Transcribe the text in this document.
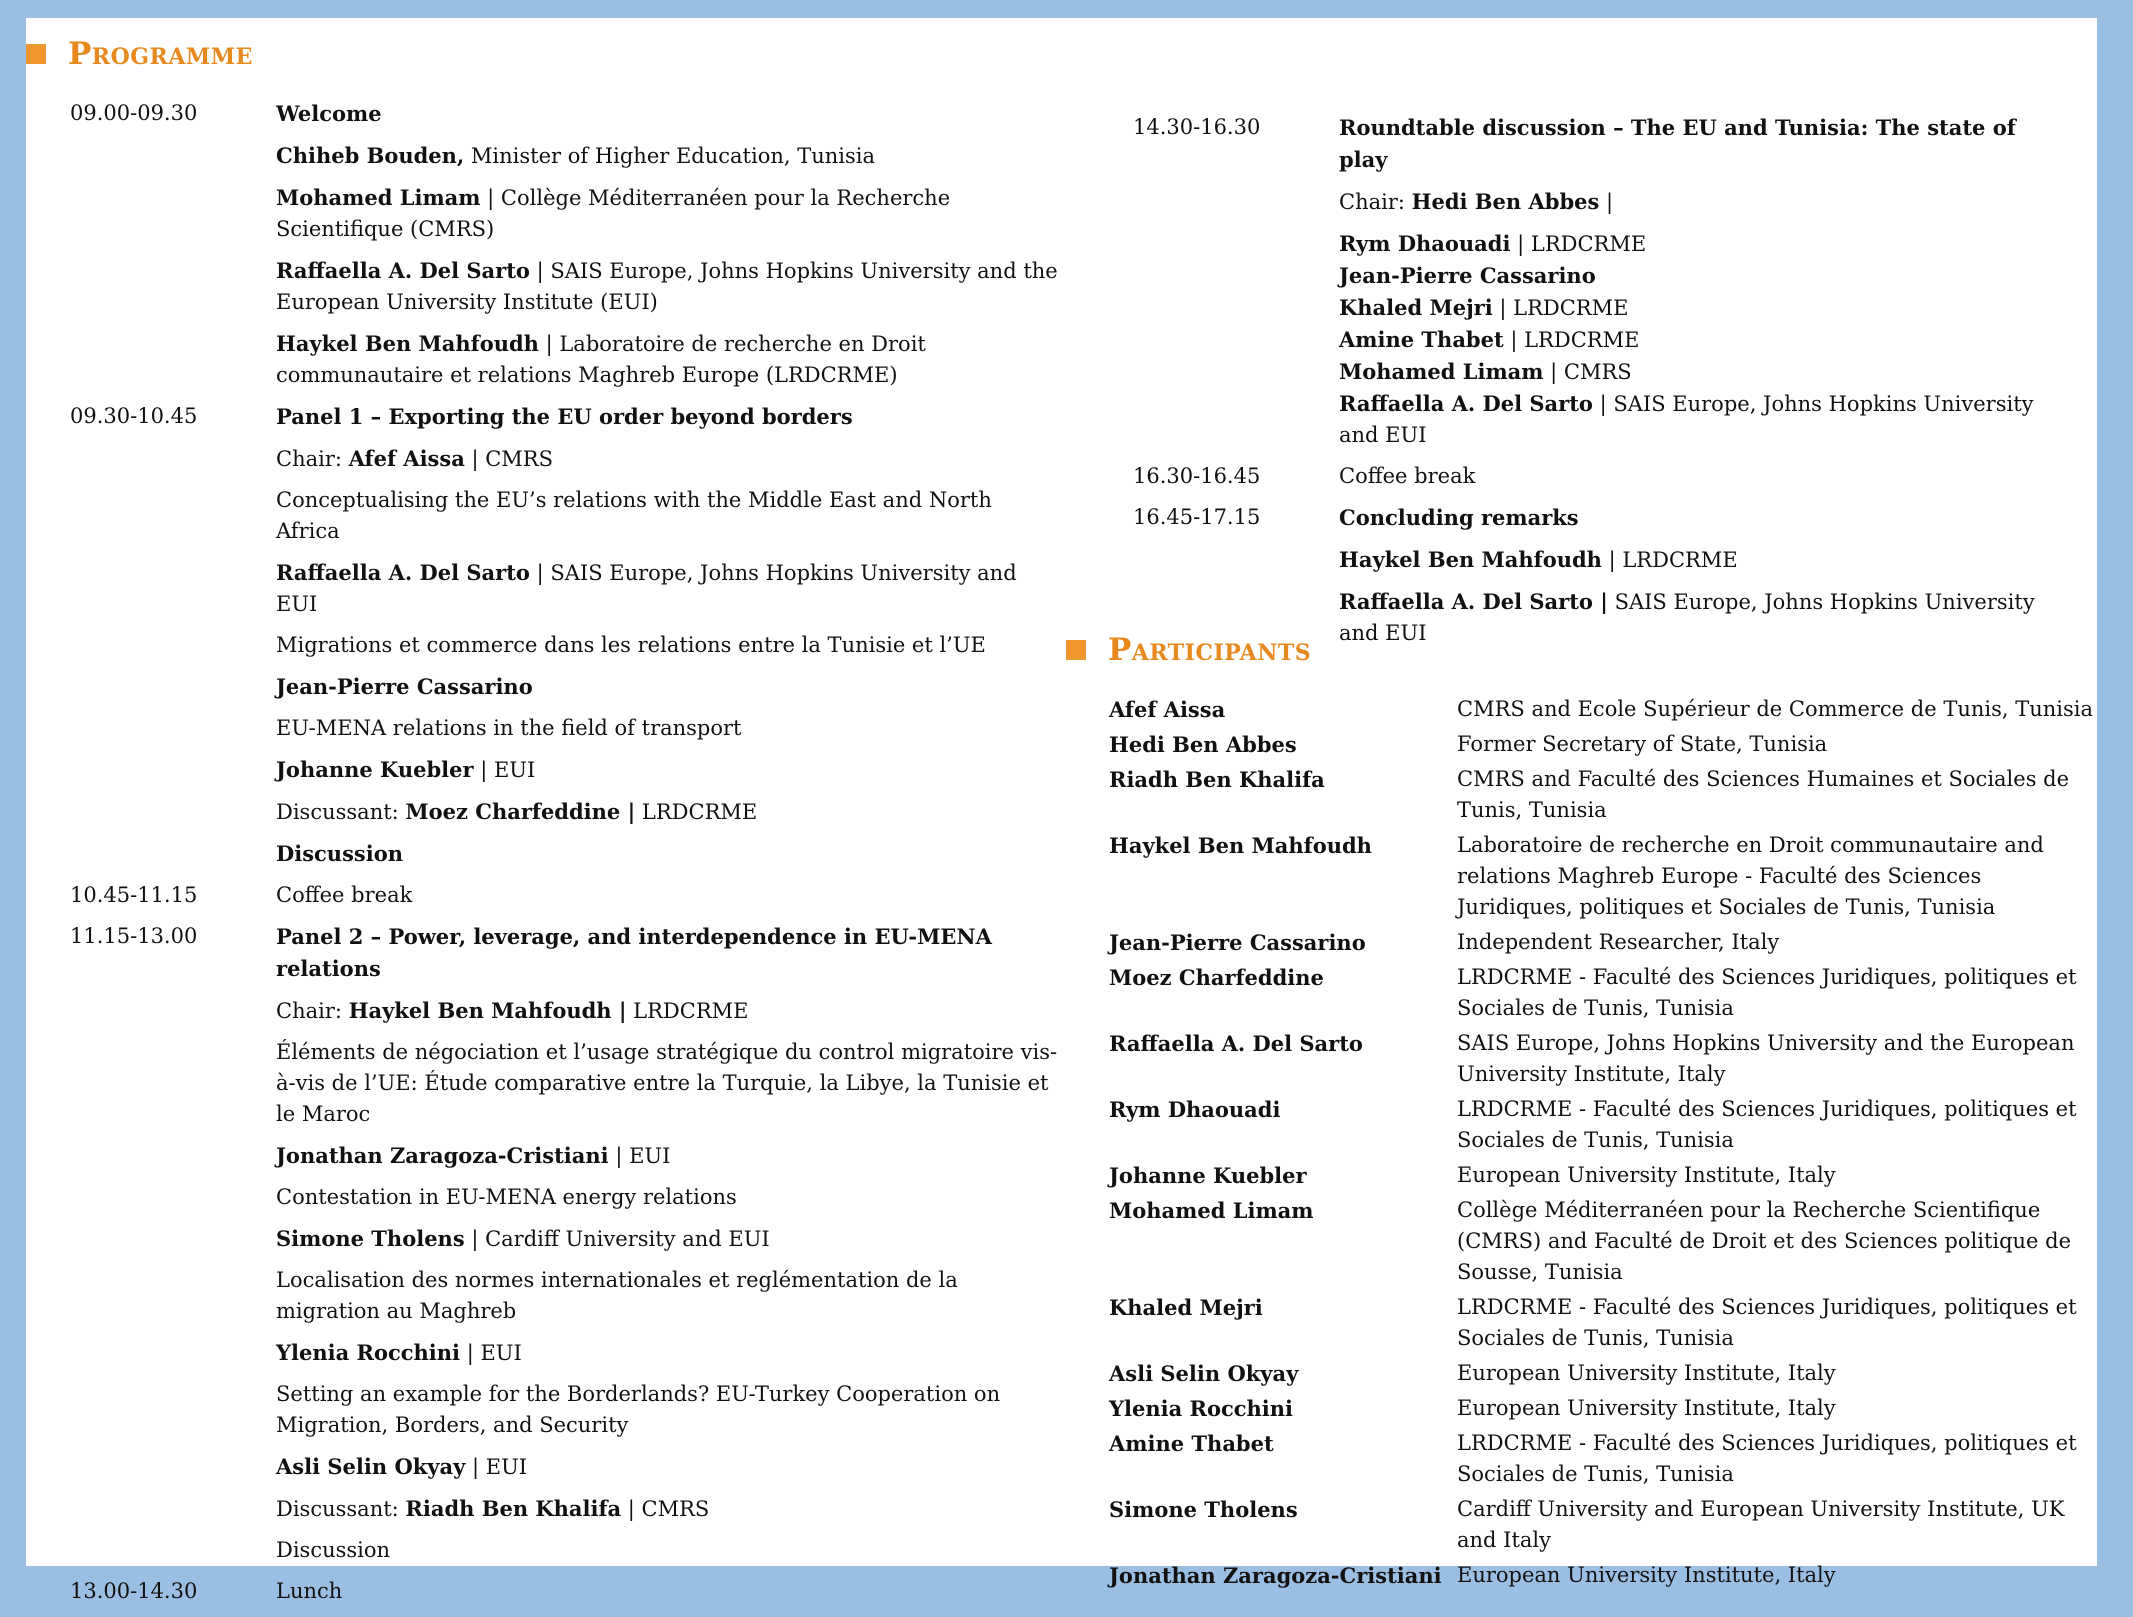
Programme
09.00-09.30	Welcome
Chiheb Bouden, Minister of Higher Education, Tunisia
Mohamed Limam | Collège Méditerranéen pour la Recherche Scientifique (CMRS)
Raffaella A. Del Sarto | SAIS Europe, Johns Hopkins University and the European University Institute (EUI)
Haykel Ben Mahfoudh | Laboratoire de recherche en Droit communautaire et relations Maghreb Europe (LRDCRME)
09.30-10.45	Panel 1 – Exporting the EU order beyond borders
Chair: Afef Aissa | CMRS
Conceptualising the EU’s relations with the Middle East and North Africa
Raffaella A. Del Sarto | SAIS Europe, Johns Hopkins University and EUI
Migrations et commerce dans les relations entre la Tunisie et l’UE
Jean-Pierre Cassarino
EU-MENA relations in the field of transport
Johanne Kuebler | EUI
Discussant: Moez Charfeddine | LRDCRME
Discussion
10.45-11.15	Coffee break
11.15-13.00	Panel 2 – Power, leverage, and interdependence in EU-MENA relations
Chair: Haykel Ben Mahfoudh | LRDCRME
Éléments de négociation et l’usage stratégique du control migratoire vis-à-vis de l’UE: Étude comparative entre la Turquie, la Libye, la Tunisie et le Maroc
Jonathan Zaragoza-Cristiani | EUI
Contestation in EU-MENA energy relations
Simone Tholens | Cardiff University and EUI
Localisation des normes internationales et reglémentation de la migration au Maghreb
Ylenia Rocchini | EUI
Setting an example for the Borderlands? EU-Turkey Cooperation on Migration, Borders, and Security
Asli Selin Okyay | EUI
Discussant: Riadh Ben Khalifa | CMRS
Discussion
13.00-14.30	Lunch
14.30-16.30	Roundtable discussion – The EU and Tunisia: The state of play
Chair: Hedi Ben Abbes |
Rym Dhaouadi | LRDCRME
Jean-Pierre Cassarino
Khaled Mejri | LRDCRME
Amine Thabet | LRDCRME
Mohamed Limam | CMRS
Raffaella A. Del Sarto | SAIS Europe, Johns Hopkins University and EUI
16.30-16.45	Coffee break
16.45-17.15	Concluding remarks
Haykel Ben Mahfoudh | LRDCRME
Raffaella A. Del Sarto | SAIS Europe, Johns Hopkins University and EUI
Participants
Afef Aissa	CMRS and Ecole Supérieur de Commerce de Tunis, Tunisia
Hedi Ben Abbes	Former Secretary of State, Tunisia
Riadh Ben Khalifa	CMRS and Faculté des Sciences Humaines et Sociales de Tunis, Tunisia
Haykel Ben Mahfoudh	Laboratoire de recherche en Droit communautaire and relations Maghreb Europe - Faculté des Sciences Juridiques, politiques et Sociales de Tunis, Tunisia
Jean-Pierre Cassarino	Independent Researcher, Italy
Moez Charfeddine	LRDCRME - Faculté des Sciences Juridiques, politiques et Sociales de Tunis, Tunisia
Raffaella A. Del Sarto	SAIS Europe, Johns Hopkins University and the European University Institute, Italy
Rym Dhaouadi	LRDCRME - Faculté des Sciences Juridiques, politiques et Sociales de Tunis, Tunisia
Johanne Kuebler	European University Institute, Italy
Mohamed Limam	Collège Méditerranéen pour la Recherche Scientifique (CMRS) and Faculté de Droit et des Sciences politique de Sousse, Tunisia
Khaled Mejri	LRDCRME - Faculté des Sciences Juridiques, politiques et Sociales de Tunis, Tunisia
Asli Selin Okyay	European University Institute, Italy
Ylenia Rocchini	European University Institute, Italy
Amine Thabet	LRDCRME - Faculté des Sciences Juridiques, politiques et Sociales de Tunis, Tunisia
Simone Tholens	Cardiff University and European University Institute, UK and Italy
Jonathan Zaragoza-Cristiani European University Institute, Italy
